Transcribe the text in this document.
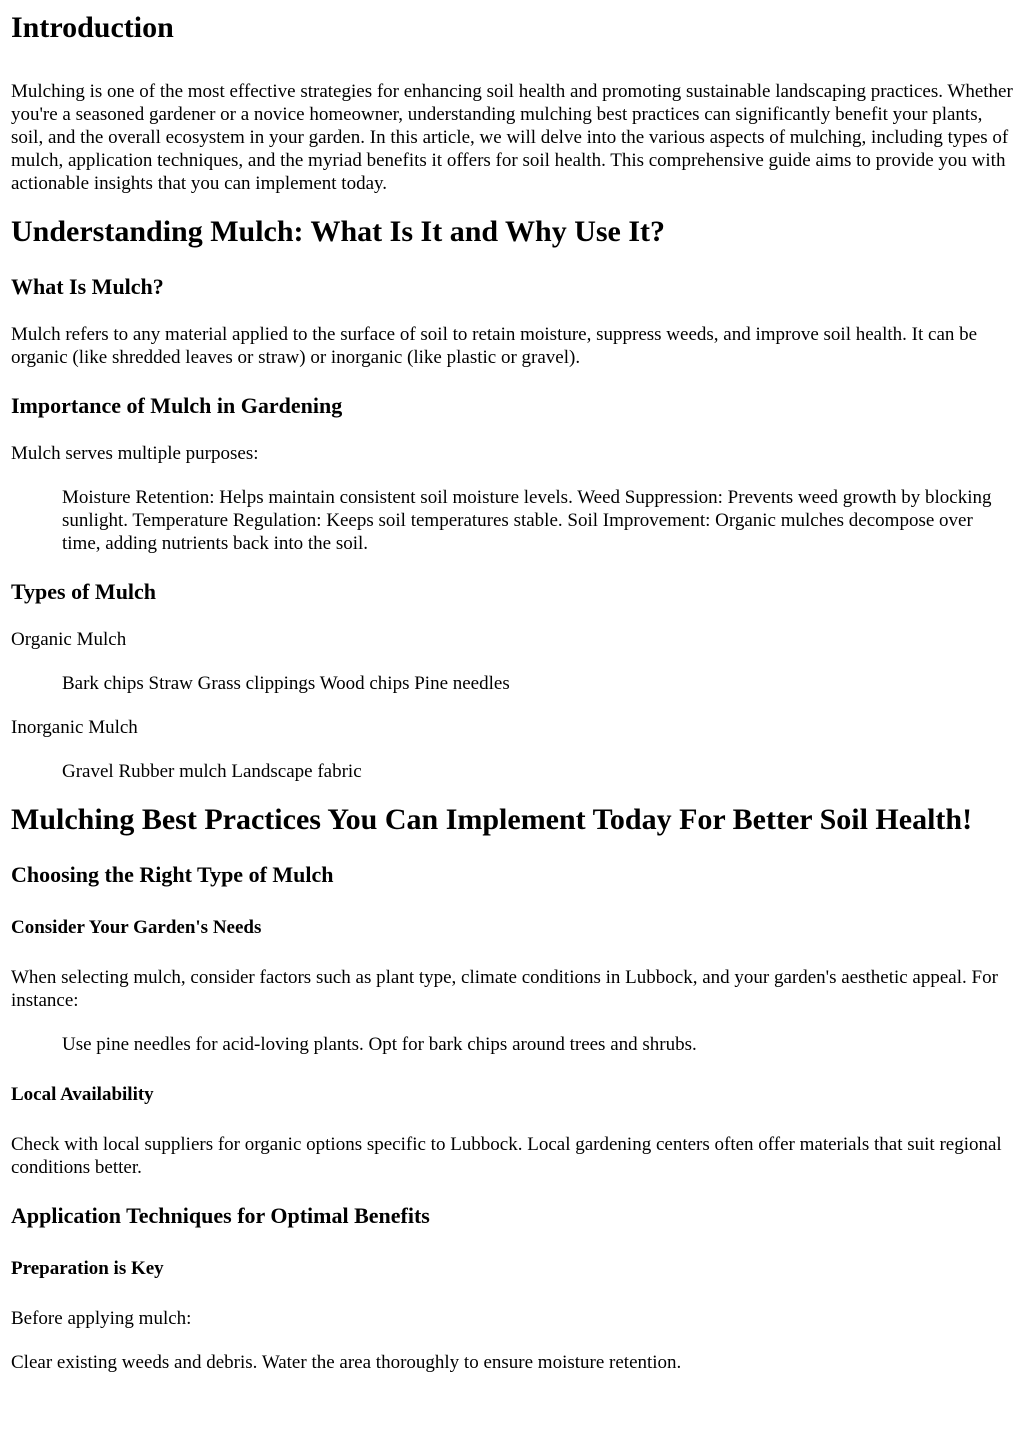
Introduction

Mulching is one of the most effective strategies for enhancing soil health and promoting sustainable landscaping practices. Whether you're a seasoned gardener or a novice homeowner, understanding mulching best practices can significantly benefit your plants, soil, and the overall ecosystem in your garden. In this article, we will delve into the various aspects of mulching, including types of mulch, application techniques, and the myriad benefits it offers for soil health. This comprehensive guide aims to provide you with actionable insights that you can implement today.

Understanding Mulch: What Is It and Why Use It?
What Is Mulch?

Mulch refers to any material applied to the surface of soil to retain moisture, suppress weeds, and improve soil health. It can be organic (like shredded leaves or straw) or inorganic (like plastic or gravel).

Importance of Mulch in Gardening

Mulch serves multiple purposes:

Moisture Retention: Helps maintain consistent soil moisture levels. Weed Suppression: Prevents weed growth by blocking sunlight. Temperature Regulation: Keeps soil temperatures stable. Soil Improvement: Organic mulches decompose over time, adding nutrients back into the soil.
Types of Mulch

Organic Mulch

Bark chips Straw Grass clippings Wood chips Pine needles

Inorganic Mulch

Gravel Rubber mulch Landscape fabric
Mulching Best Practices You Can Implement Today For Better Soil Health!
Choosing the Right Type of Mulch
Consider Your Garden's Needs

When selecting mulch, consider factors such as plant type, climate conditions in Lubbock, and your garden's aesthetic appeal. For instance:

Use pine needles for acid-loving plants. Opt for bark chips around trees and shrubs.
Local Availability

Check with local suppliers for organic options specific to Lubbock. Local gardening centers often offer materials that suit regional conditions better.

Application Techniques for Optimal Benefits
Preparation is Key

Before applying mulch:

Clear existing weeds and debris. Water the area thoroughly to ensure moisture retention.
